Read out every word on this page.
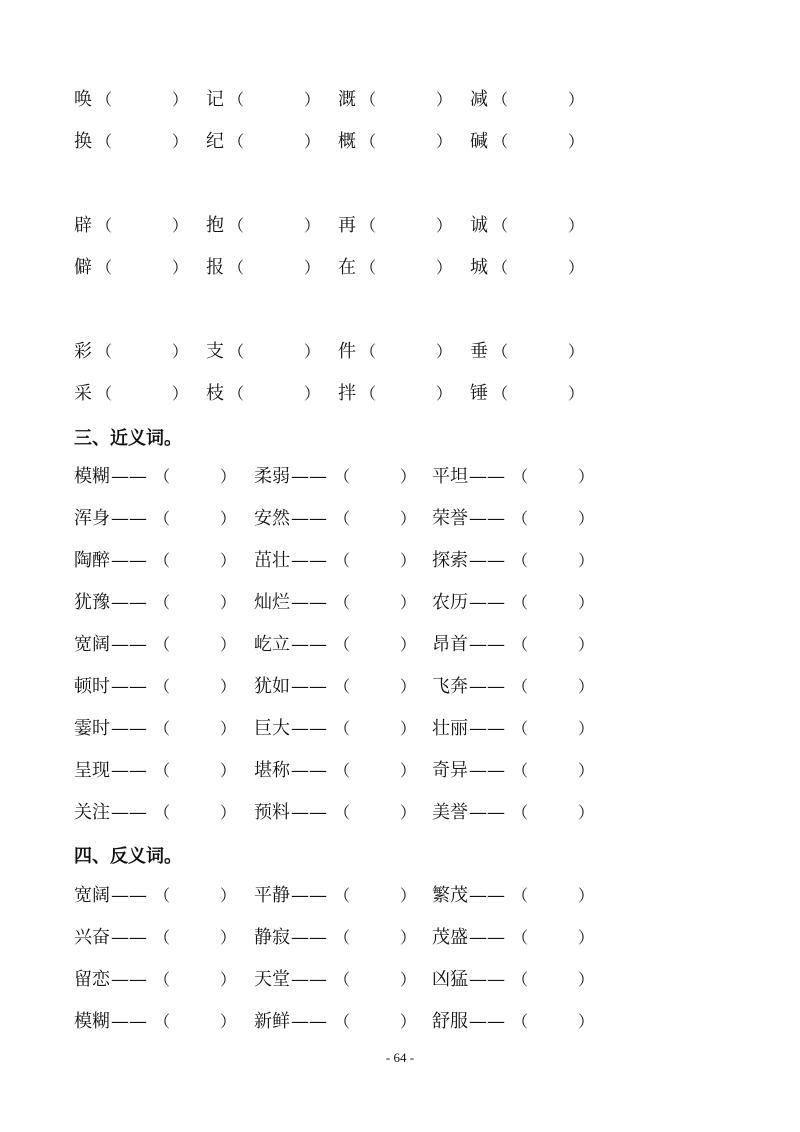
唤 （	） 记 （	） 溉 （	） 减 （	）
换 （	） 纪 （	） 概 （	） 碱 （	）
辟 （	） 抱 （	） 再 （	） 诚 （	）
僻 （	） 报 （	） 在 （	） 城 （	）
彩 （	） 支 （	） 件 （	） 垂 （	）
采 （	） 枝 （	） 拌 （	） 锤 （	）
三、近义词。
模糊 —— （	） 柔弱 —— （	） 平坦 —— （	）
浑身 —— （	） 安然 —— （	） 荣誉 —— （	）
陶醉 —— （	） 茁壮 —— （	） 探索 —— （	）
犹豫 —— （	） 灿烂 —— （	） 农历 —— （	）
宽阔 —— （	） 屹立 —— （	） 昂首 —— （	）
顿时 —— （	） 犹如 —— （	） 飞奔 —— （	）
霎时 —— （	） 巨大 —— （	） 壮丽 —— （	）
呈现 —— （	） 堪称 —— （	） 奇异 —— （	）
关注 —— （	） 预料 —— （	） 美誉 —— （	）
四、反义词。
宽阔 —— （	） 平静 —— （	） 繁茂 —— （	）
兴奋 —— （	） 静寂 —— （	） 茂盛 —— （	）
留恋 —— （	） 天堂 —— （	） 凶猛 —— （	）
模糊 —— （	） 新鲜 —— （	） 舒服 —— （	）
- 64 -
